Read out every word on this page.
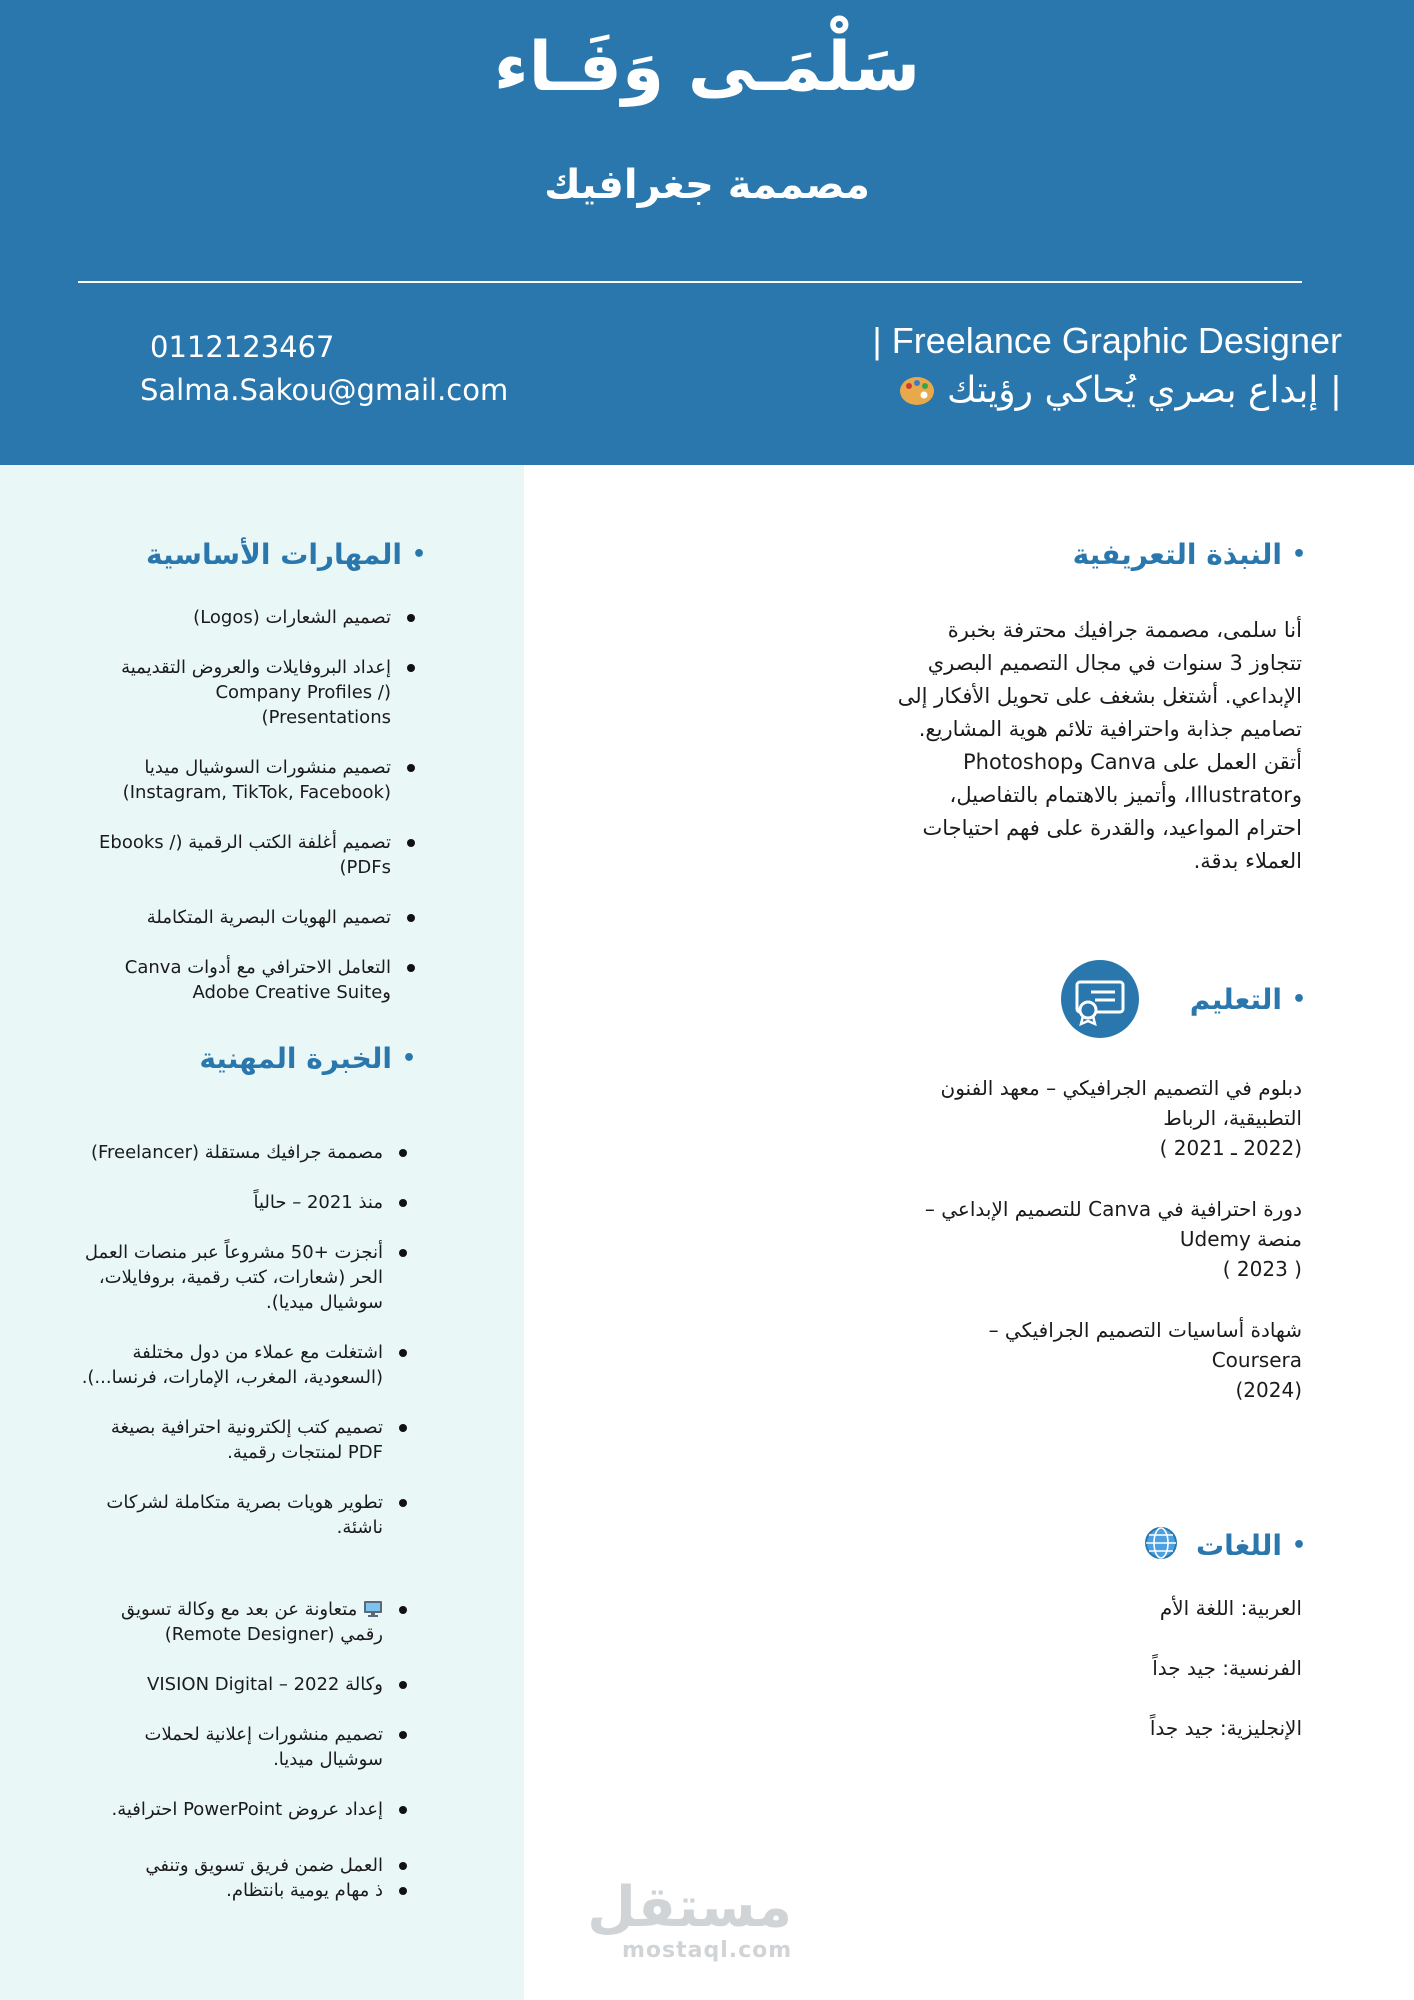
سَلْمَـى وَفَـاء
مصممة جغرافيك
| Freelance Graphic Designer
| إبداع بصري يُحاكي رؤيتك
0112123467
Salma.Sakou@gmail.com
•النبذة التعريفية
أنا سلمى، مصممة جرافيك محترفة بخبرة
تتجاوز 3 سنوات في مجال التصميم البصري
الإبداعي. أشتغل بشغف على تحويل الأفكار إلى
تصاميم جذابة واحترافية تلائم هوية المشاريع.
أتقن العمل على Canva وPhotoshop
وIllustrator، وأتميز بالاهتمام بالتفاصيل،
احترام المواعيد، والقدرة على فهم احتياجات
العملاء بدقة.
•التعليم
دبلوم في التصميم الجرافيكي – معهد الفنون
التطبيقية، الرباط
(2022 ـ 2021 )
دورة احترافية في Canva للتصميم الإبداعي –
منصة Udemy
( 2023 )
شهادة أساسيات التصميم الجرافيكي –
Coursera
(2024)
•اللغات
العربية: اللغة الأم
الفرنسية: جيد جداً
الإنجليزية: جيد جداً
•المهارات الأساسية
تصميم الشعارات (Logos)
إعداد البروفايلات والعروض التقديمية (Company Profiles / Presentations)
تصميم منشورات السوشيال ميديا (Instagram, TikTok, Facebook)
تصميم أغلفة الكتب الرقمية (Ebooks / PDFs)
تصميم الهويات البصرية المتكاملة
التعامل الاحترافي مع أدوات Canva وAdobe Creative Suite
•الخبرة المهنية
مصممة جرافيك مستقلة (Freelancer)
منذ 2021 – حالياً
أنجزت +50 مشروعاً عبر منصات العمل الحر (شعارات، كتب رقمية، بروفايلات، سوشيال ميديا).
اشتغلت مع عملاء من دول مختلفة (السعودية، المغرب، الإمارات، فرنسا...).
تصميم كتب إلكترونية احترافية بصيغة PDF لمنتجات رقمية.
تطوير هويات بصرية متكاملة لشركات ناشئة.
متعاونة عن بعد مع وكالة تسويق رقمي (Remote Designer)
وكالة VISION Digital – 2022
تصميم منشورات إعلانية لحملات سوشيال ميديا.
إعداد عروض PowerPoint احترافية.
العمل ضمن فريق تسويق وتنفي
ذ مهام يومية بانتظام.	مستقل
mostaql.com
